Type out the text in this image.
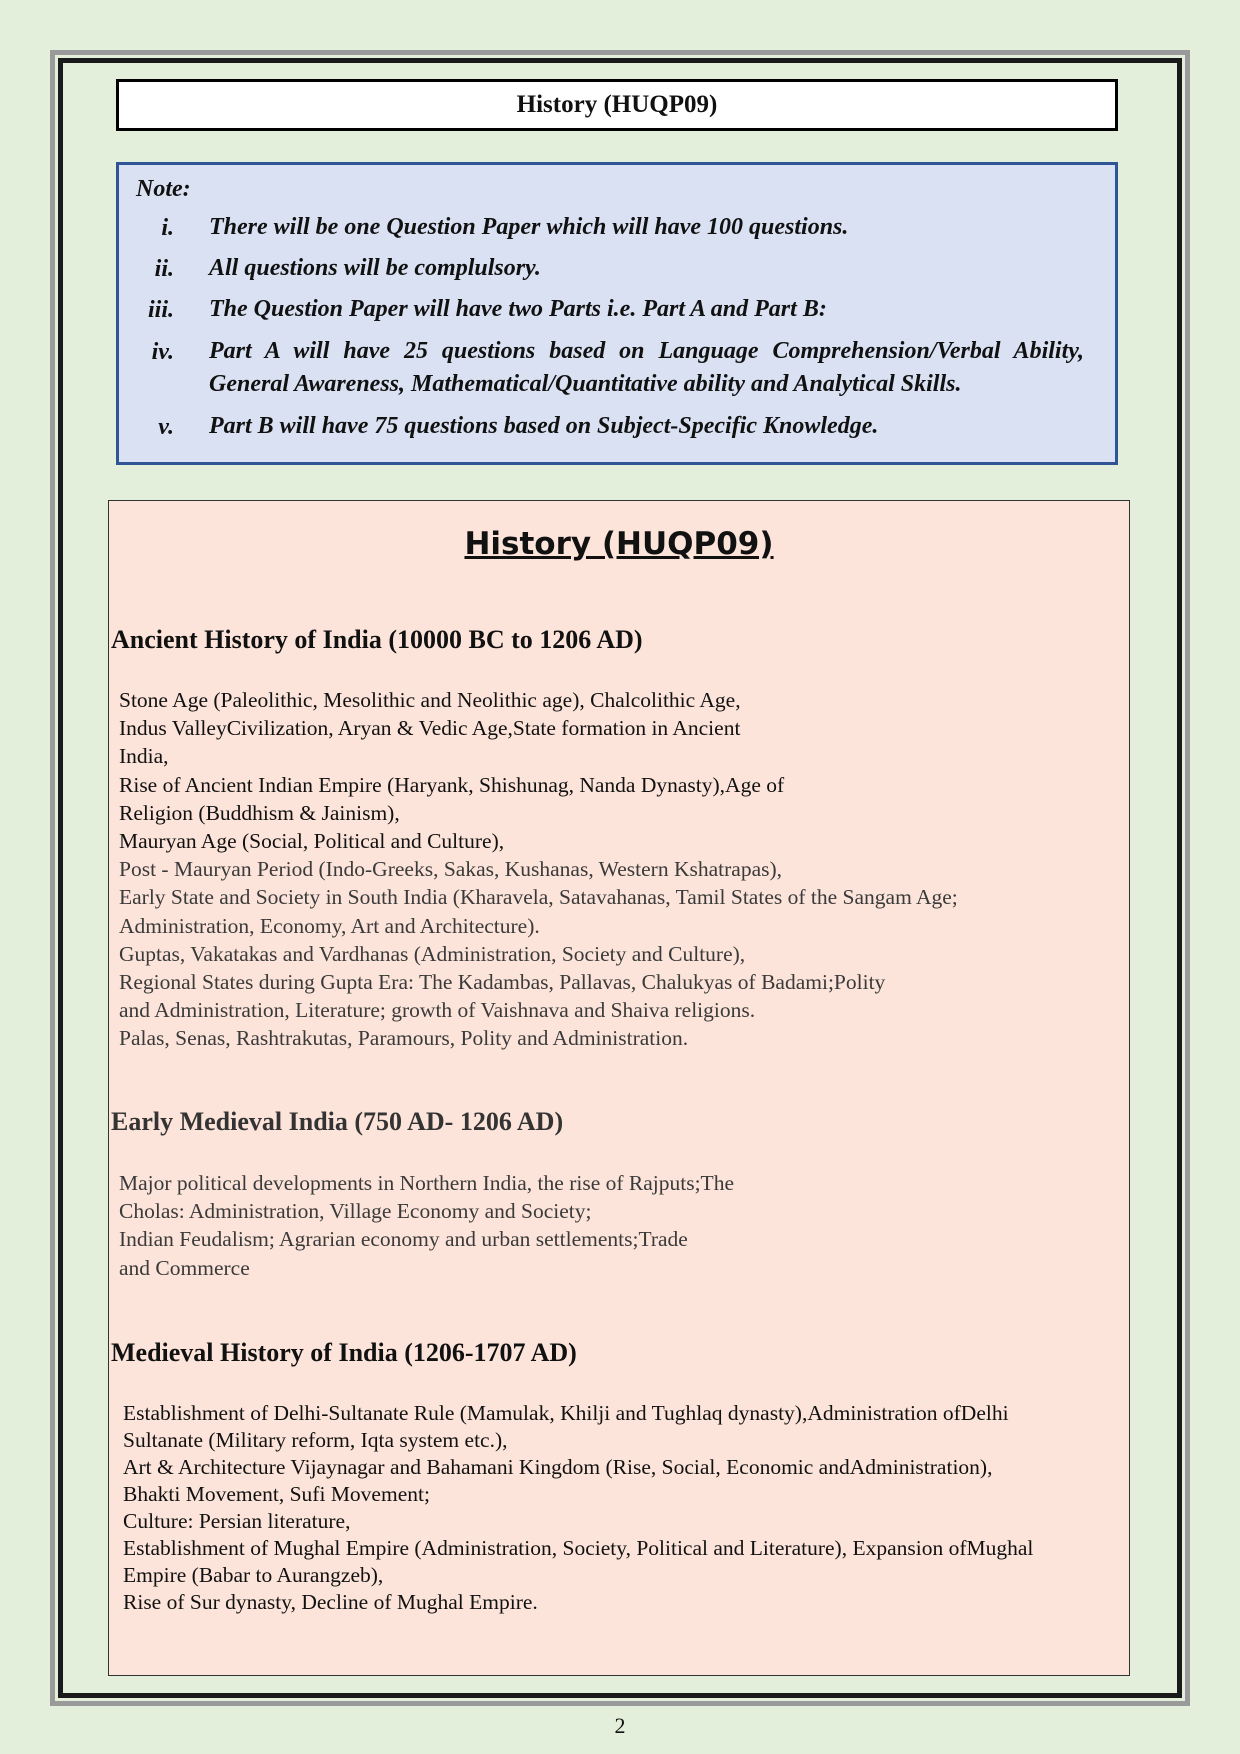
History (HUQP09)
Note:
i. There will be one Question Paper which will have 100 questions.
ii. All questions will be complulsory.
iii. The Question Paper will have two Parts i.e. Part A and Part B:
iv. Part A will have 25 questions based on Language Comprehension/Verbal Ability, General Awareness, Mathematical/Quantitative ability and Analytical Skills.
v. Part B will have 75 questions based on Subject-Specific Knowledge.
History (HUQP09)
Ancient History of India (10000 BC to 1206 AD)
Stone Age (Paleolithic, Mesolithic and Neolithic age), Chalcolithic Age,
Indus ValleyCivilization, Aryan & Vedic Age,State formation in Ancient
India,
Rise of Ancient Indian Empire (Haryank, Shishunag, Nanda Dynasty),Age of
Religion (Buddhism & Jainism),
Mauryan Age (Social, Political and Culture),
Post - Mauryan Period (Indo-Greeks, Sakas, Kushanas, Western Kshatrapas),
Early State and Society in South India (Kharavela, Satavahanas, Tamil States of the Sangam Age;
Administration, Economy, Art and Architecture).
Guptas, Vakatakas and Vardhanas (Administration, Society and Culture),
Regional States during Gupta Era: The Kadambas, Pallavas, Chalukyas of Badami;Polity
and Administration, Literature; growth of Vaishnava and Shaiva religions.
Palas, Senas, Rashtrakutas, Paramours, Polity and Administration.
Early Medieval India (750 AD- 1206 AD)
Major political developments in Northern India, the rise of Rajputs;The
Cholas: Administration, Village Economy and Society;
Indian Feudalism; Agrarian economy and urban settlements;Trade
and Commerce
Medieval History of India (1206-1707 AD)
Establishment of Delhi-Sultanate Rule (Mamulak, Khilji and Tughlaq dynasty),Administration ofDelhi
Sultanate (Military reform, Iqta system etc.),
Art & Architecture Vijaynagar and Bahamani Kingdom (Rise, Social, Economic andAdministration),
Bhakti Movement, Sufi Movement;
Culture: Persian literature,
Establishment of Mughal Empire (Administration, Society, Political and Literature), Expansion ofMughal
Empire (Babar to Aurangzeb),
Rise of Sur dynasty, Decline of Mughal Empire.
2
